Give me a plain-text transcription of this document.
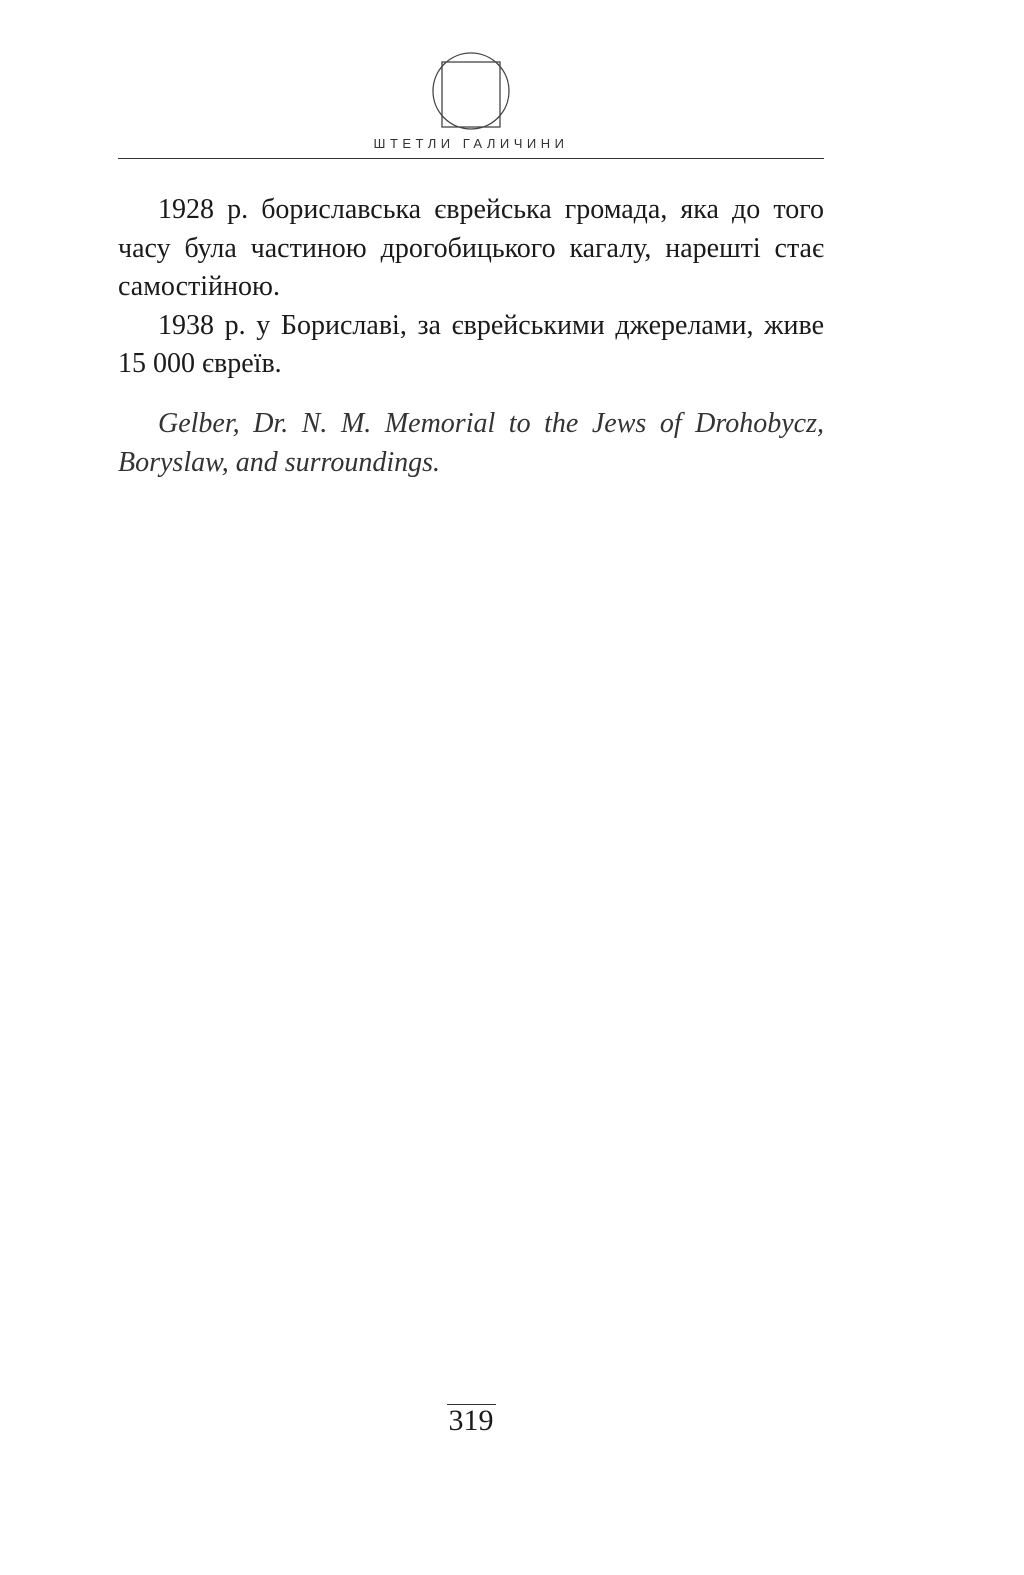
ШТЕТЛИ ГАЛИЧИНИ

1928 р. бориславська єврейська громада, яка до того часу була частиною дрогобицького кагалу, нарешті стає самостійною.

1938 р. у Бориславі, за єврейськими джерелами, живе 15 000 євреїв.

Gelber, Dr. N. M. Memorial to the Jews of Drohobycz, Boryslaw, and surroundings.

319
